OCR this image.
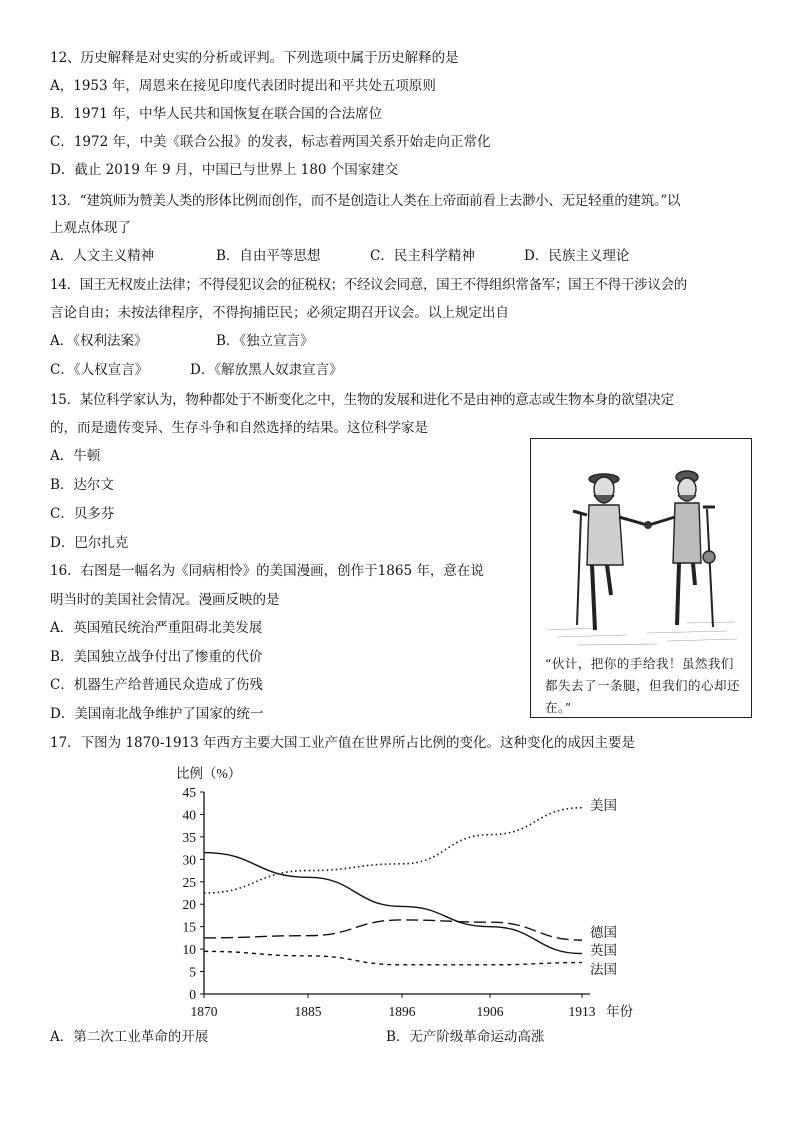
12、历史解释是对史实的分析或评判。下列选项中属于历史解释的是
A，1953 年，周恩来在接见印度代表团时提出和平共处五项原则
B．1971 年，中华人民共和国恢复在联合国的合法席位
C．1972 年，中美《联合公报》的发表，标志着两国关系开始走向正常化
D．截止 2019 年 9 月，中国已与世界上 180 个国家建交
13．“建筑师为赞美人类的形体比例而创作，而不是创造让人类在上帝面前看上去渺小、无足轻重的建筑。”以
上观点体现了
A．人文主义精神	B．自由平等思想	C．民主科学精神	D．民族主义理论
14．国王无权废止法律；不得侵犯议会的征税权；不经议会同意，国王不得组织常备军；国王不得干涉议会的
言论自由；未按法律程序，不得拘捕臣民；必须定期召开议会。以上规定出自
A．《权利法案》	B．《独立宣言》
C．《人权宣言》	D．《解放黑人奴隶宣言》
15．某位科学家认为，物种都处于不断变化之中，生物的发展和进化不是由神的意志或生物本身的欲望决定
的，而是遗传变异、生存斗争和自然选择的结果。这位科学家是
A．牛顿
B．达尔文
C．贝多芬
D．巴尔扎克
16．右图是一幅名为《同病相怜》的美国漫画，创作于1865 年，意在说
明当时的美国社会情况。漫画反映的是
A．英国殖民统治严重阻碍北美发展
B．美国独立战争付出了惨重的代价
C．机器生产给普通民众造成了伤残
D．美国南北战争维护了国家的统一
“伙计，把你的手给我！虽然我们都失去了一条腿，但我们的心却还在。”
17．下图为 1870-1913 年西方主要大国工业产值在世界所占比例的变化。这种变化的成因主要是
0
5
10
15
20
25
30
35
40
45
1870	1885	1896	1906	1913
比例（%）
年份
美国
德国
英国
法国
A．第二次工业革命的开展	B．无产阶级革命运动高涨
